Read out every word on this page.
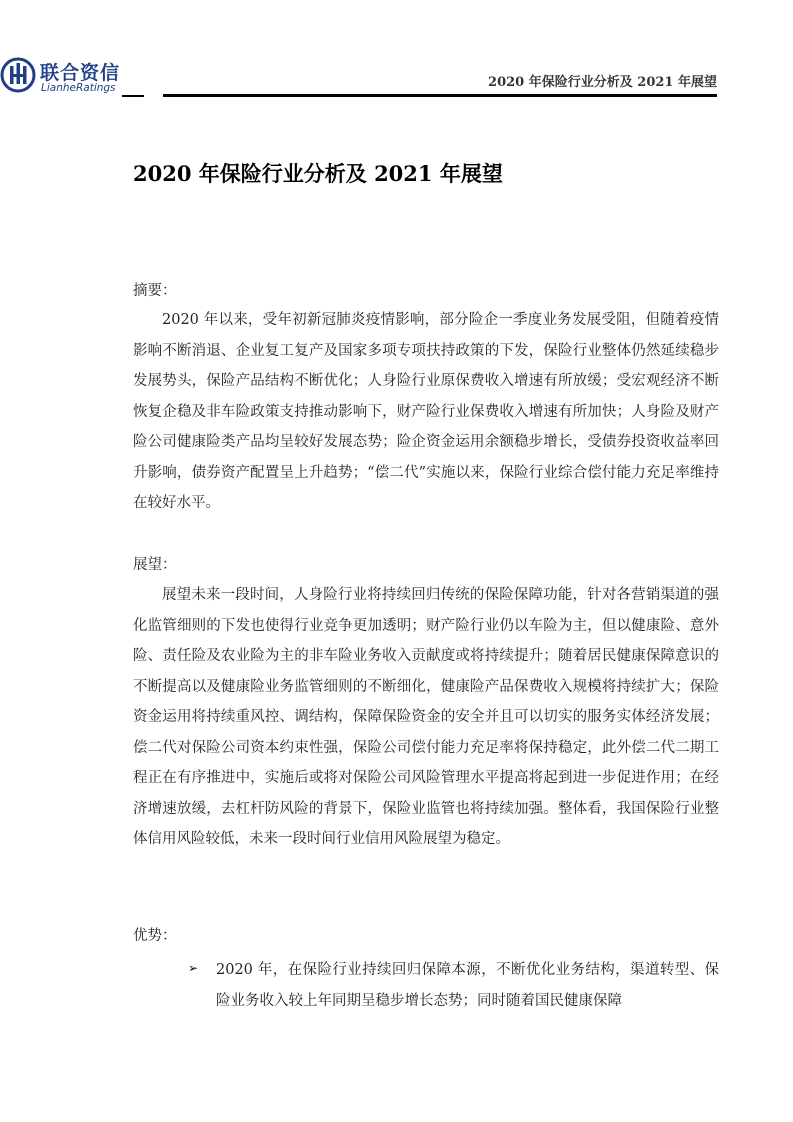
联合资信
LianheRatings	2020 年保险行业分析及 2021 年展望
2020 年保险行业分析及 2021 年展望
摘要：

2020 年以来，受年初新冠肺炎疫情影响，部分险企一季度业务发展受阻，但随着疫情影响不断消退、企业复工复产及国家多项专项扶持政策的下发，保险行业整体仍然延续稳步发展势头，保险产品结构不断优化；人身险行业原保费收入增速有所放缓；受宏观经济不断恢复企稳及非车险政策支持推动影响下，财产险行业保费收入增速有所加快；人身险及财产险公司健康险类产品均呈较好发展态势；险企资金运用余额稳步增长，受债券投资收益率回升影响，债券资产配置呈上升趋势；“偿二代”实施以来，保险行业综合偿付能力充足率维持在较好水平。

展望：

展望未来一段时间，人身险行业将持续回归传统的保险保障功能，针对各营销渠道的强化监管细则的下发也使得行业竞争更加透明；财产险行业仍以车险为主，但以健康险、意外险、责任险及农业险为主的非车险业务收入贡献度或将持续提升；随着居民健康保障意识的不断提高以及健康险业务监管细则的不断细化，健康险产品保费收入规模将持续扩大；保险资金运用将持续重风控、调结构，保障保险资金的安全并且可以切实的服务实体经济发展；偿二代对保险公司资本约束性强，保险公司偿付能力充足率将保持稳定，此外偿二代二期工程正在有序推进中，实施后或将对保险公司风险管理水平提高将起到进一步促进作用；在经济增速放缓，去杠杆防风险的背景下，保险业监管也将持续加强。整体看，我国保险行业整体信用风险较低，未来一段时间行业信用风险展望为稳定。

优势：
➢ 2020 年，在保险行业持续回归保障本源，不断优化业务结构，渠道转型、保险业务收入较上年同期呈稳步增长态势；同时随着国民健康保障
